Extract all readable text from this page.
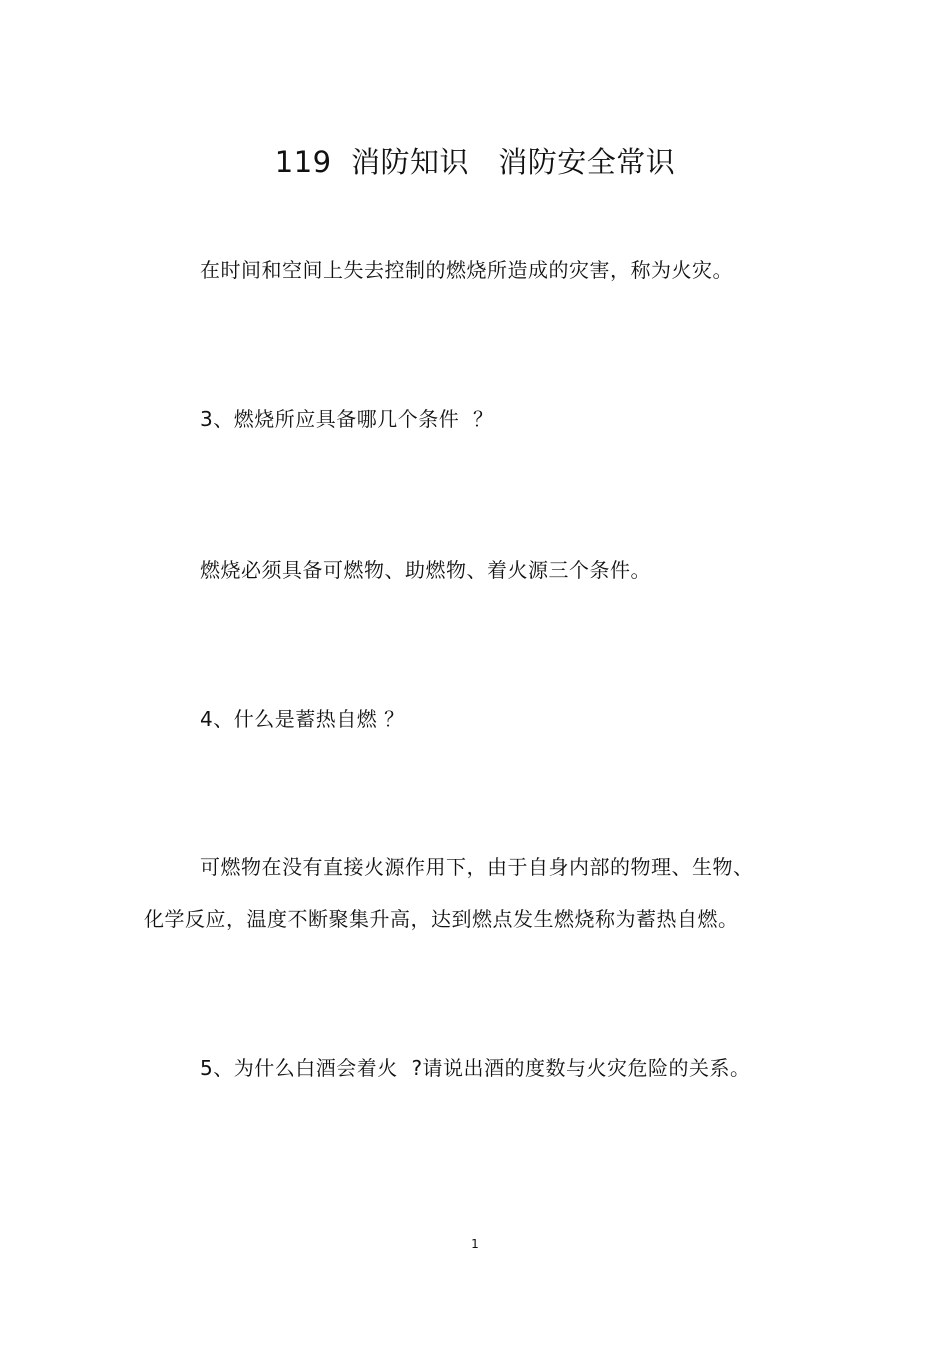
119  消防知识   消防安全常识
在时间和空间上失去控制的燃烧所造成的灾害，称为火灾。
3、燃烧所应具备哪几个条件  ？
燃烧必须具备可燃物、助燃物、着火源三个条件。
4、什么是蓄热自燃 ？
可燃物在没有直接火源作用下，由于自身内部的物理、生物、
化学反应，温度不断聚集升高，达到燃点发生燃烧称为蓄热自燃。
5、为什么白酒会着火  ?请说出酒的度数与火灾危险的关系。
1
